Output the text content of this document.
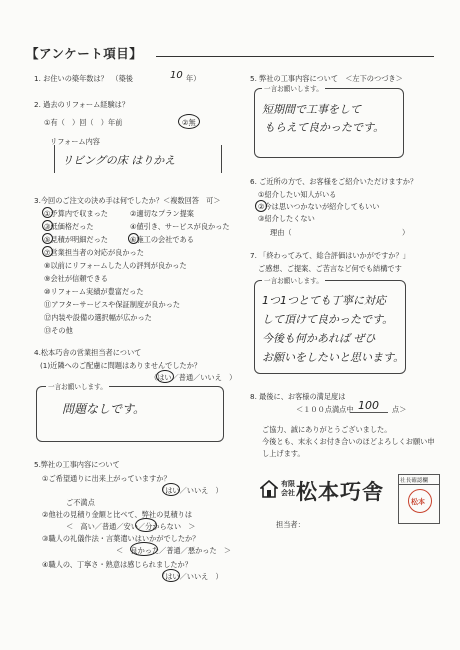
【アンケート項目】
1. お住いの築年数は？　（築後	10 年）
2. 過去のリフォーム経験は？
①有（　）回（　）年前	②無
リフォーム内容
リビングの床 はりかえ
3.今回のご注文の決め手は何でしたか？＜複数回答　可＞
①予算内で収まった	②適切なプラン提案
③低価格だった	④値引き、サービスが良かった
⑤見積が明細だった	⑥施工の会社である
⑦営業担当者の対応が良かった
⑧以前にリフォームした人の評判が良かった
⑨会社が信頼できる
⑩リフォーム実績が豊富だった
⑪アフターサービスや保証制度が良かった
⑫内装や設備の選択幅が広かった
⑬その他
4.松本巧舎の営業担当者について
(1)近隣へのご配慮に問題はありませんでしたか？
（はい／普通／いいえ　）
一言お願いします。
問題なしです。
5.弊社の工事内容について
①ご希望通りに出来上がっていますか？
（はい／いいえ　）
ご不満点
②他社の見積り金額と比べて、弊社の見積りは
＜　高い／普通／安い／分からない　＞
③職人の礼儀作法・言葉遣いはいかがでしたか？
＜　良かった／普通／悪かった　＞
④職人の、丁寧さ・熟意は感じられましたか？
（はい／いいえ　）
5. 弊社の工事内容について　＜左下のつづき＞
一言お願いします。
短期間で工事をして
もらえて良かったです。
6. ご近所の方で、お客様をご紹介いただけますか？
①紹介したい知人がいる
②今は思いつかないが紹介してもいい
③紹介したくない
理由（	）
7. 「終わってみて、総合評価はいかがですか？」
ご感想、ご提案、ご苦言など何でも結構です
一言お願いします。
1つ1つとても丁寧に対応
して頂けて良かったです。
今後も何かあれば ぜひ
お願いをしたいと思います。
8. 最後に、お客様の満足度は
＜１００点満点中 100 点＞
ご協力、誠にありがとうございました。
今後とも、末永くお付き合いのほどよろしくお願い申
し上げます。
有限
会社 松本巧舎
担当者：
社長確認欄
松本
